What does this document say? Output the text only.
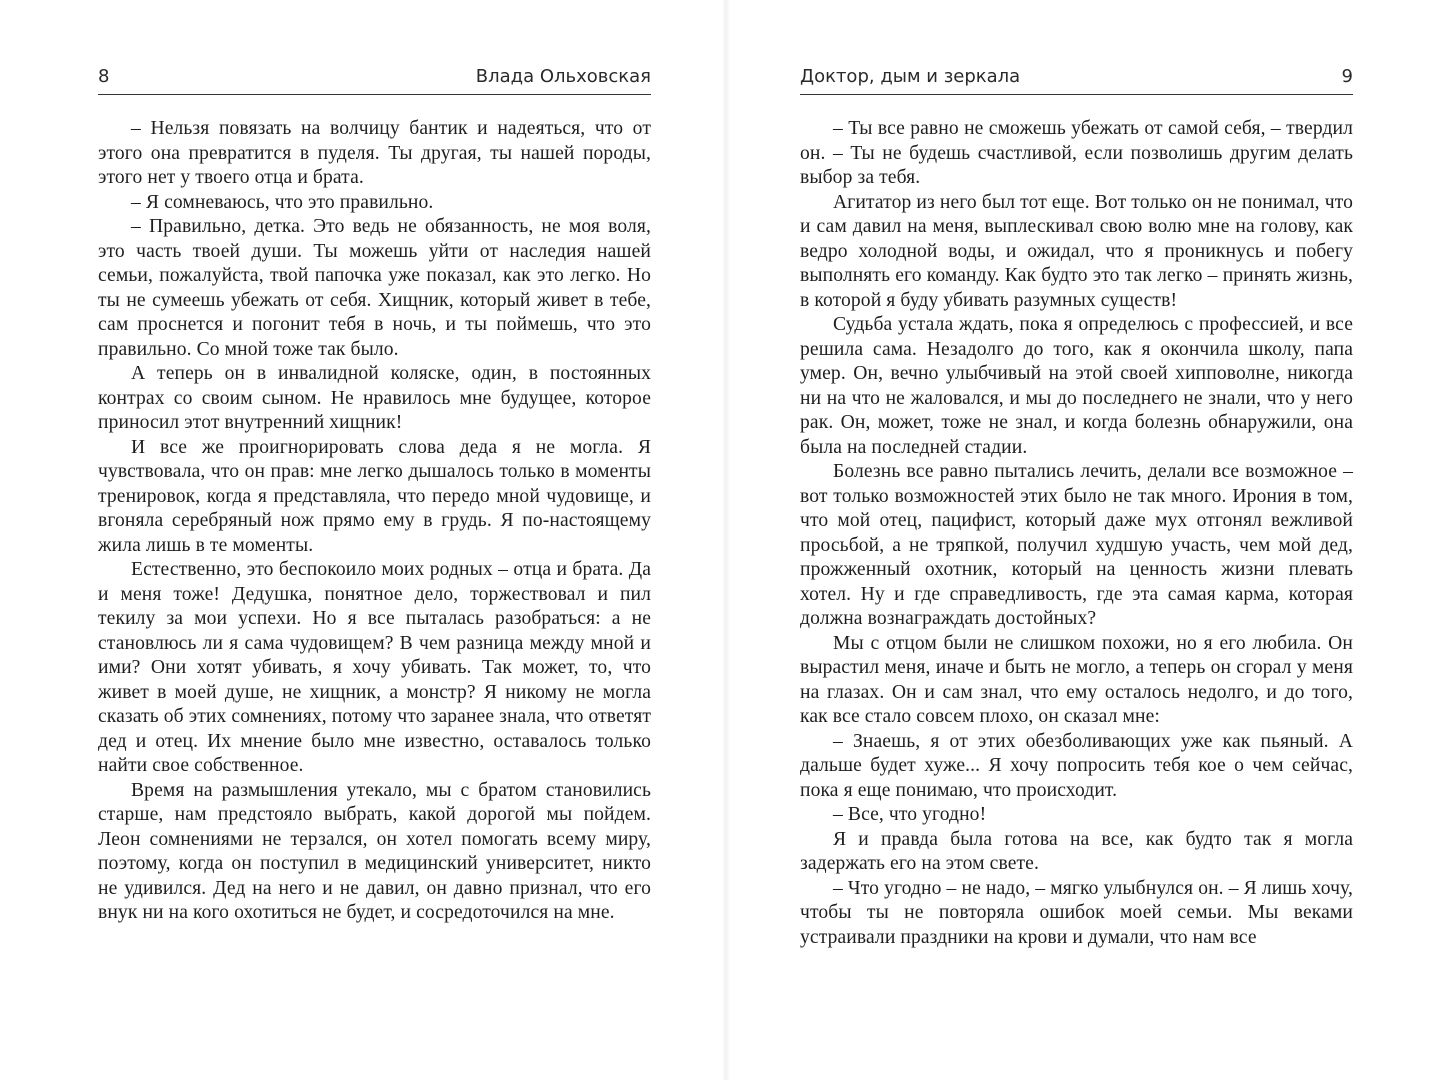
8	Влада Ольховская

– Нельзя повязать на волчицу бантик и надеяться, что от этого она превратится в пуделя. Ты другая, ты нашей породы, этого нет у твоего отца и брата.

– Я сомневаюсь, что это правильно.

– Правильно, детка. Это ведь не обязанность, не моя воля, это часть твоей души. Ты можешь уйти от наследия нашей семьи, пожалуйста, твой папочка уже показал, как это легко. Но ты не сумеешь убежать от себя. Хищник, который живет в тебе, сам проснется и погонит тебя в ночь, и ты поймешь, что это правильно. Со мной тоже так было.

А теперь он в инвалидной коляске, один, в постоянных контрах со своим сыном. Не нравилось мне будущее, которое приносил этот внутренний хищник!

И все же проигнорировать слова деда я не могла. Я чувствовала, что он прав: мне легко дышалось только в моменты тренировок, когда я представляла, что передо мной чудовище, и вгоняла серебряный нож прямо ему в грудь. Я по-настоящему жила лишь в те моменты.

Естественно, это беспокоило моих родных – отца и брата. Да и меня тоже! Дедушка, понятное дело, торжествовал и пил текилу за мои успехи. Но я все пыталась разобраться: а не становлюсь ли я сама чудовищем? В чем разница между мной и ими? Они хотят убивать, я хочу убивать. Так может, то, что живет в моей душе, не хищник, а монстр? Я никому не могла сказать об этих сомнениях, потому что заранее знала, что ответят дед и отец. Их мнение было мне известно, оставалось только найти свое собственное.

Время на размышления утекало, мы с братом становились старше, нам предстояло выбрать, какой дорогой мы пойдем. Леон сомнениями не терзался, он хотел помогать всему миру, поэтому, когда он поступил в медицинский университет, никто не удивился. Дед на него и не давил, он давно признал, что его внук ни на кого охотиться не будет, и сосредоточился на мне.

Доктор, дым и зеркала	9

– Ты все равно не сможешь убежать от самой себя, – твердил он. – Ты не будешь счастливой, если позволишь другим делать выбор за тебя.

Агитатор из него был тот еще. Вот только он не понимал, что и сам давил на меня, выплескивал свою волю мне на голову, как ведро холодной воды, и ожидал, что я проникнусь и побегу выполнять его команду. Как будто это так легко – принять жизнь, в которой я буду убивать разумных существ!

Судьба устала ждать, пока я определюсь с профессией, и все решила сама. Незадолго до того, как я окончила школу, папа умер. Он, вечно улыбчивый на этой своей хипповолне, никогда ни на что не жаловался, и мы до последнего не знали, что у него рак. Он, может, тоже не знал, и когда болезнь обнаружили, она была на последней стадии.

Болезнь все равно пытались лечить, делали все возможное – вот только возможностей этих было не так много. Ирония в том, что мой отец, пацифист, который даже мух отгонял вежливой просьбой, а не тряпкой, получил худшую участь, чем мой дед, прожженный охотник, который на ценность жизни плевать хотел. Ну и где справедливость, где эта самая карма, которая должна вознаграждать достойных?

Мы с отцом были не слишком похожи, но я его любила. Он вырастил меня, иначе и быть не могло, а теперь он сгорал у меня на глазах. Он и сам знал, что ему осталось недолго, и до того, как все стало совсем плохо, он сказал мне:

– Знаешь, я от этих обезболивающих уже как пьяный. А дальше будет хуже... Я хочу попросить тебя кое о чем сейчас, пока я еще понимаю, что происходит.

– Все, что угодно!

Я и правда была готова на все, как будто так я могла задержать его на этом свете.

– Что угодно – не надо, – мягко улыбнулся он. – Я лишь хочу, чтобы ты не повторяла ошибок моей семьи. Мы веками устраивали праздники на крови и думали, что нам все
